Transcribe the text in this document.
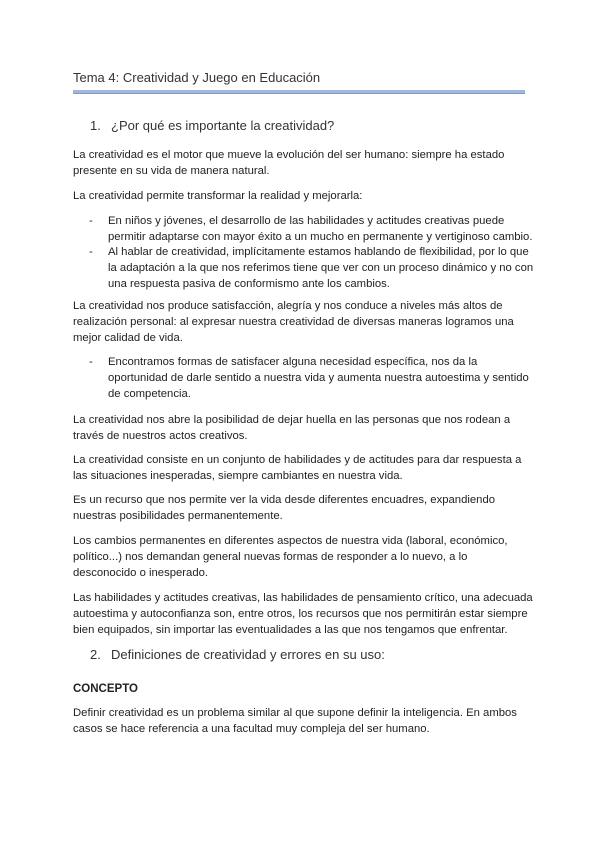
Tema 4: Creatividad y Juego en Educación
1. ¿Por qué es importante la creatividad?

La creatividad es el motor que mueve la evolución del ser humano: siempre ha estado presente en su vida de manera natural.

La creatividad permite transformar la realidad y mejorarla:

- En niños y jóvenes, el desarrollo de las habilidades y actitudes creativas puede permitir adaptarse con mayor éxito a un mucho en permanente y vertiginoso cambio.
- Al hablar de creatividad, implícitamente estamos hablando de flexibilidad, por lo que la adaptación a la que nos referimos tiene que ver con un proceso dinámico y no con una respuesta pasiva de conformismo ante los cambios.

La creatividad nos produce satisfacción, alegría y nos conduce a niveles más altos de realización personal: al expresar nuestra creatividad de diversas maneras logramos una mejor calidad de vida.

- Encontramos formas de satisfacer alguna necesidad específica, nos da la oportunidad de darle sentido a nuestra vida y aumenta nuestra autoestima y sentido de competencia.

La creatividad nos abre la posibilidad de dejar huella en las personas que nos rodean a través de nuestros actos creativos.

La creatividad consiste en un conjunto de habilidades y de actitudes para dar respuesta a las situaciones inesperadas, siempre cambiantes en nuestra vida.

Es un recurso que nos permite ver la vida desde diferentes encuadres, expandiendo nuestras posibilidades permanentemente.

Los cambios permanentes en diferentes aspectos de nuestra vida (laboral, económico, político...) nos demandan general nuevas formas de responder a lo nuevo, a lo desconocido o inesperado.

Las habilidades y actitudes creativas, las habilidades de pensamiento crítico, una adecuada autoestima y autoconfianza son, entre otros, los recursos que nos permitirán estar siempre bien equipados, sin importar las eventualidades a las que nos tengamos que enfrentar.

2. Definiciones de creatividad y errores en su uso:
CONCEPTO

Definir creatividad es un problema similar al que supone definir la inteligencia. En ambos casos se hace referencia a una facultad muy compleja del ser humano.
